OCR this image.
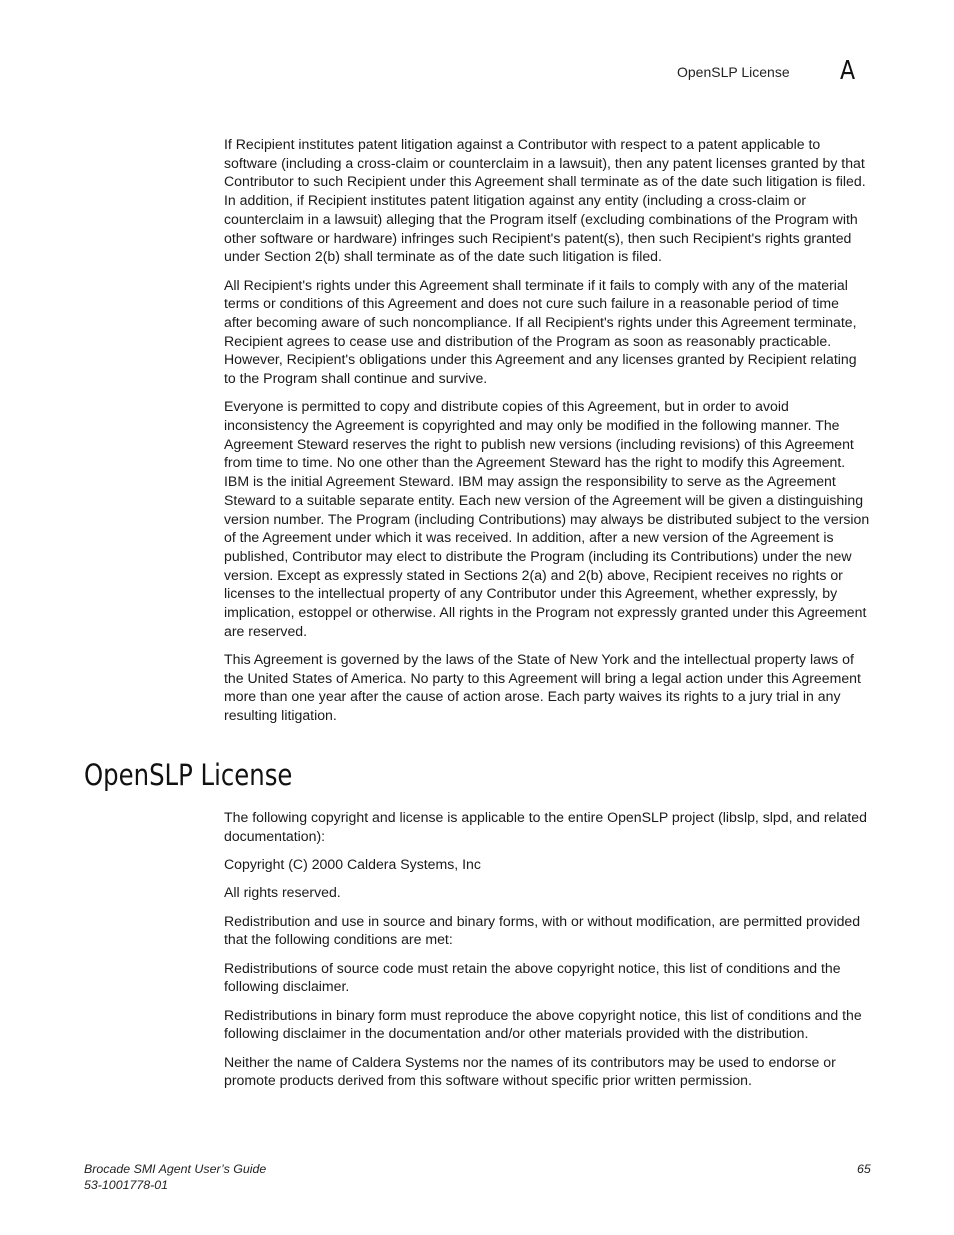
OpenSLP License A

If Recipient institutes patent litigation against a Contributor with respect to a patent applicable to software (including a cross-claim or counterclaim in a lawsuit), then any patent licenses granted by that Contributor to such Recipient under this Agreement shall terminate as of the date such litigation is filed. In addition, if Recipient institutes patent litigation against any entity (including a cross-claim or counterclaim in a lawsuit) alleging that the Program itself (excluding combinations of the Program with other software or hardware) infringes such Recipient's patent(s), then such Recipient's rights granted under Section 2(b) shall terminate as of the date such litigation is filed.

All Recipient's rights under this Agreement shall terminate if it fails to comply with any of the material terms or conditions of this Agreement and does not cure such failure in a reasonable period of time after becoming aware of such noncompliance. If all Recipient's rights under this Agreement terminate, Recipient agrees to cease use and distribution of the Program as soon as reasonably practicable. However, Recipient's obligations under this Agreement and any licenses granted by Recipient relating to the Program shall continue and survive.

Everyone is permitted to copy and distribute copies of this Agreement, but in order to avoid inconsistency the Agreement is copyrighted and may only be modified in the following manner. The Agreement Steward reserves the right to publish new versions (including revisions) of this Agreement from time to time. No one other than the Agreement Steward has the right to modify this Agreement. IBM is the initial Agreement Steward. IBM may assign the responsibility to serve as the Agreement Steward to a suitable separate entity. Each new version of the Agreement will be given a distinguishing version number. The Program (including Contributions) may always be distributed subject to the version of the Agreement under which it was received. In addition, after a new version of the Agreement is published, Contributor may elect to distribute the Program (including its Contributions) under the new version. Except as expressly stated in Sections 2(a) and 2(b) above, Recipient receives no rights or licenses to the intellectual property of any Contributor under this Agreement, whether expressly, by implication, estoppel or otherwise. All rights in the Program not expressly granted under this Agreement are reserved.

This Agreement is governed by the laws of the State of New York and the intellectual property laws of the United States of America. No party to this Agreement will bring a legal action under this Agreement more than one year after the cause of action arose. Each party waives its rights to a jury trial in any resulting litigation.

OpenSLP License

The following copyright and license is applicable to the entire OpenSLP project (libslp, slpd, and related documentation):

Copyright (C) 2000 Caldera Systems, Inc

All rights reserved.

Redistribution and use in source and binary forms, with or without modification, are permitted provided that the following conditions are met:

Redistributions of source code must retain the above copyright notice, this list of conditions and the following disclaimer.

Redistributions in binary form must reproduce the above copyright notice, this list of conditions and the following disclaimer in the documentation and/or other materials provided with the distribution.

Neither the name of Caldera Systems nor the names of its contributors may be used to endorse or promote products derived from this software without specific prior written permission.

Brocade SMI Agent User’s Guide
53-1001778-01
65
